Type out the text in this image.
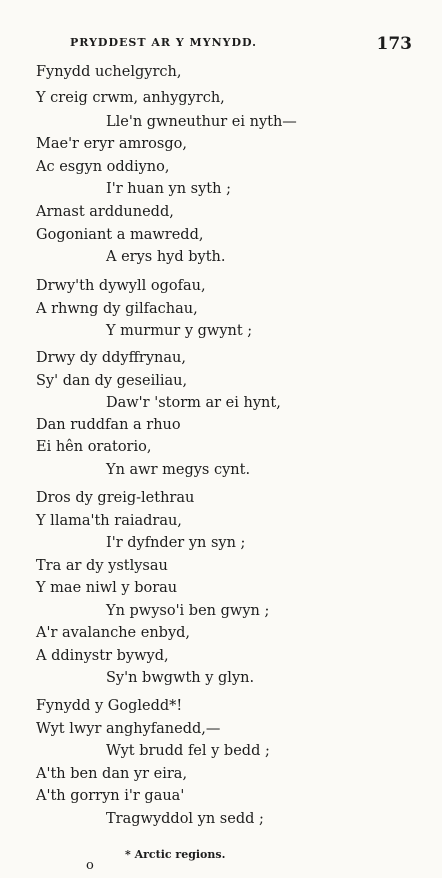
PRYDDEST AR Y MYNYDD.	173
Fynydd uchelgyrch,
Y creig crwm, anhygyrch,
Lle'n gwneuthur ei nyth—
Mae'r eryr amrosgo,
Ac esgyn oddiyno,
I'r huan yn syth ;
Arnast arddunedd,
Gogoniant a mawredd,
A erys hyd byth.
Drwy'th dywyll ogofau,
A rhwng dy gilfachau,
Y murmur y gwynt ;
Drwy dy ddyffrynau,
Sy' dan dy geseiliau,
Daw'r 'storm ar ei hynt,
Dan ruddfan a rhuo
Ei hên oratorio,
Yn awr megys cynt.
Dros dy greig-lethrau
Y llama'th raiadrau,
I'r dyfnder yn syn ;
Tra ar dy ystlysau
Y mae niwl y borau
Yn pwyso'i ben gwyn ;
A'r avalanche enbyd,
A ddinystr bywyd,
Sy'n bwgwth y glyn.
Fynydd y Gogledd*!
Wyt lwyr anghyfanedd,—
Wyt brudd fel y bedd ;
A'th ben dan yr eira,
A'th gorryn i'r gaua'
Tragwyddol yn sedd ;
* Arctic regions.
o
